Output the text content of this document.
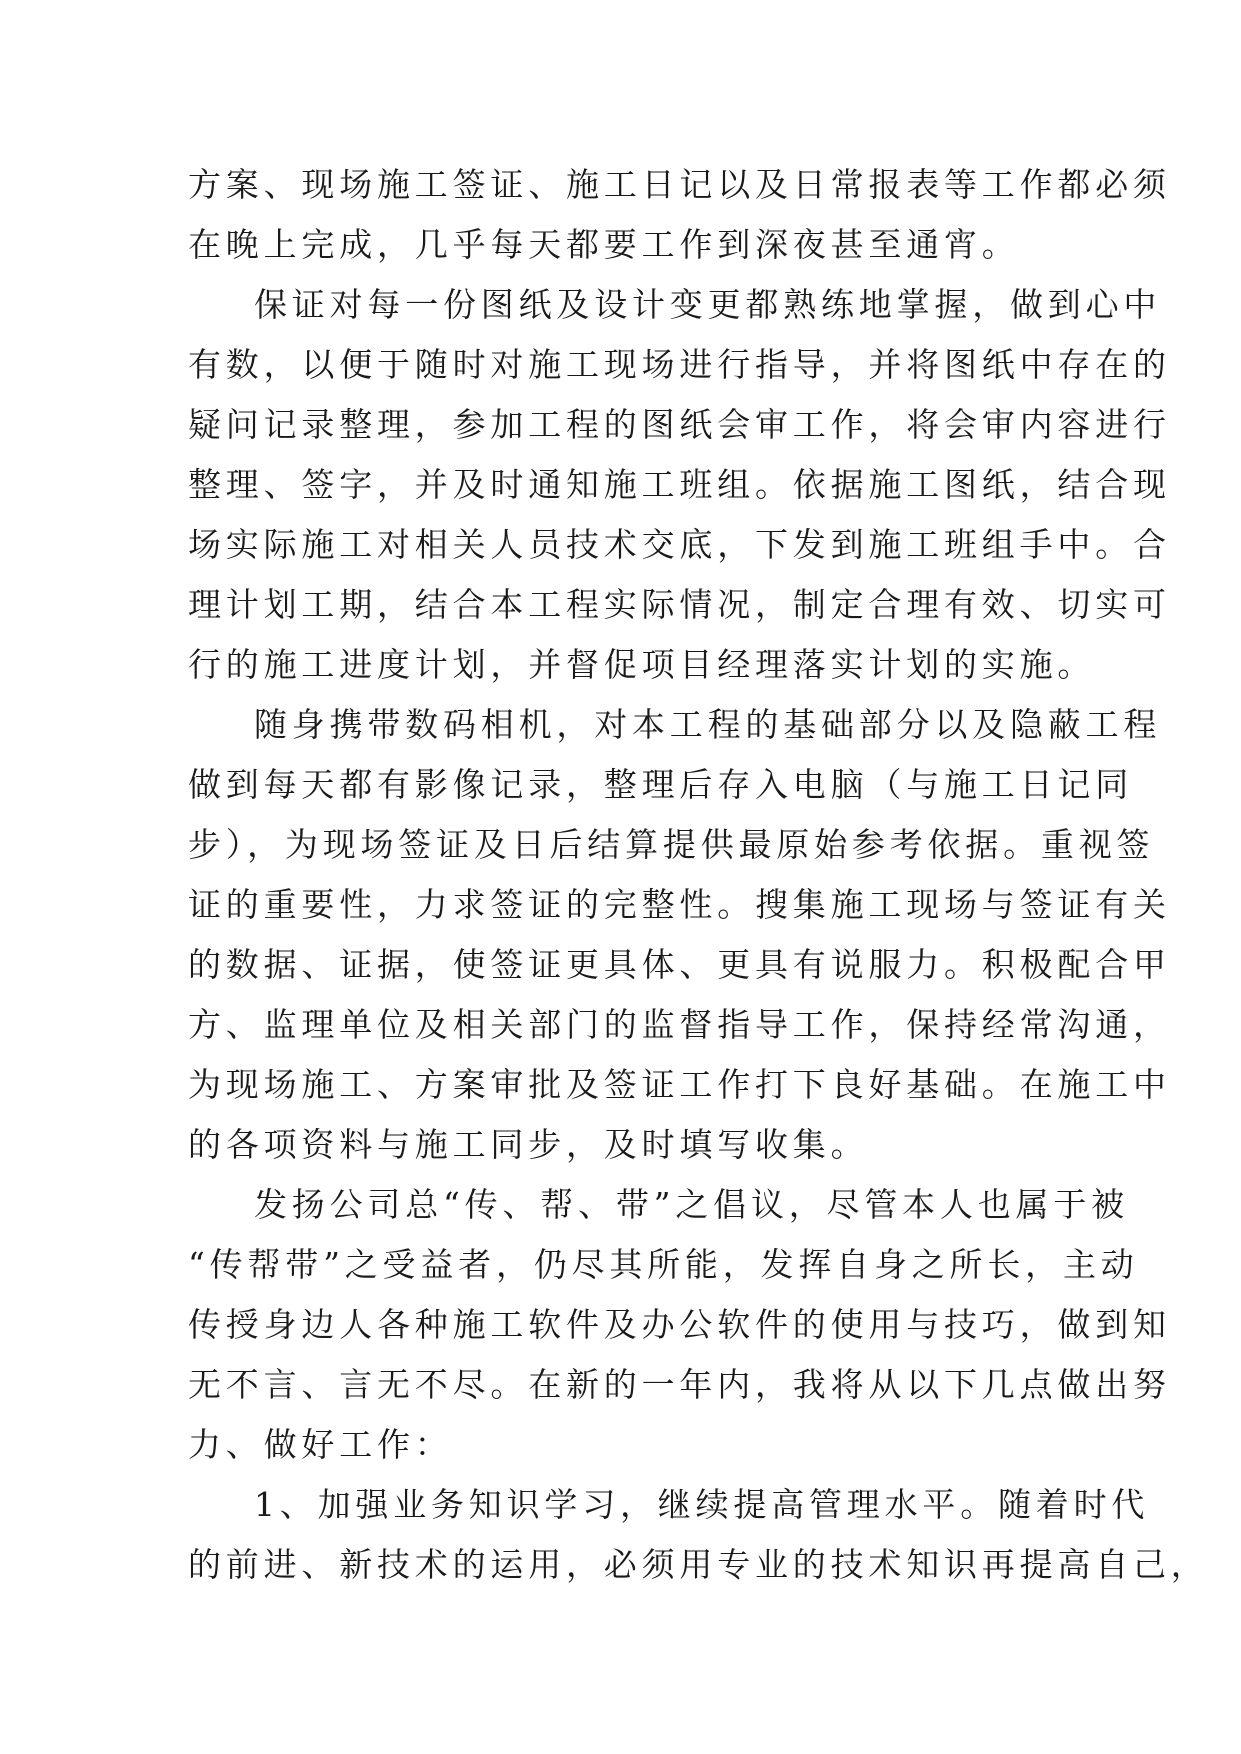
方案、现场施工签证、施工日记以及日常报表等工作都必须
在晚上完成，几乎每天都要工作到深夜甚至通宵。
保证对每一份图纸及设计变更都熟练地掌握，做到心中
有数，以便于随时对施工现场进行指导，并将图纸中存在的
疑问记录整理，参加工程的图纸会审工作，将会审内容进行
整理、签字，并及时通知施工班组。依据施工图纸，结合现
场实际施工对相关人员技术交底，下发到施工班组手中。合
理计划工期，结合本工程实际情况，制定合理有效、切实可
行的施工进度计划，并督促项目经理落实计划的实施。
随身携带数码相机，对本工程的基础部分以及隐蔽工程
做到每天都有影像记录，整理后存入电脑（与施工日记同
步），为现场签证及日后结算提供最原始参考依据。重视签
证的重要性，力求签证的完整性。搜集施工现场与签证有关
的数据、证据，使签证更具体、更具有说服力。积极配合甲
方、监理单位及相关部门的监督指导工作，保持经常沟通，
为现场施工、方案审批及签证工作打下良好基础。在施工中
的各项资料与施工同步，及时填写收集。
发扬公司总“传、帮、带”之倡议，尽管本人也属于被
“传帮带”之受益者，仍尽其所能，发挥自身之所长，主动
传授身边人各种施工软件及办公软件的使用与技巧，做到知
无不言、言无不尽。在新的一年内，我将从以下几点做出努
力、做好工作：
1、加强业务知识学习，继续提高管理水平。随着时代
的前进、新技术的运用，必须用专业的技术知识再提高自己，
